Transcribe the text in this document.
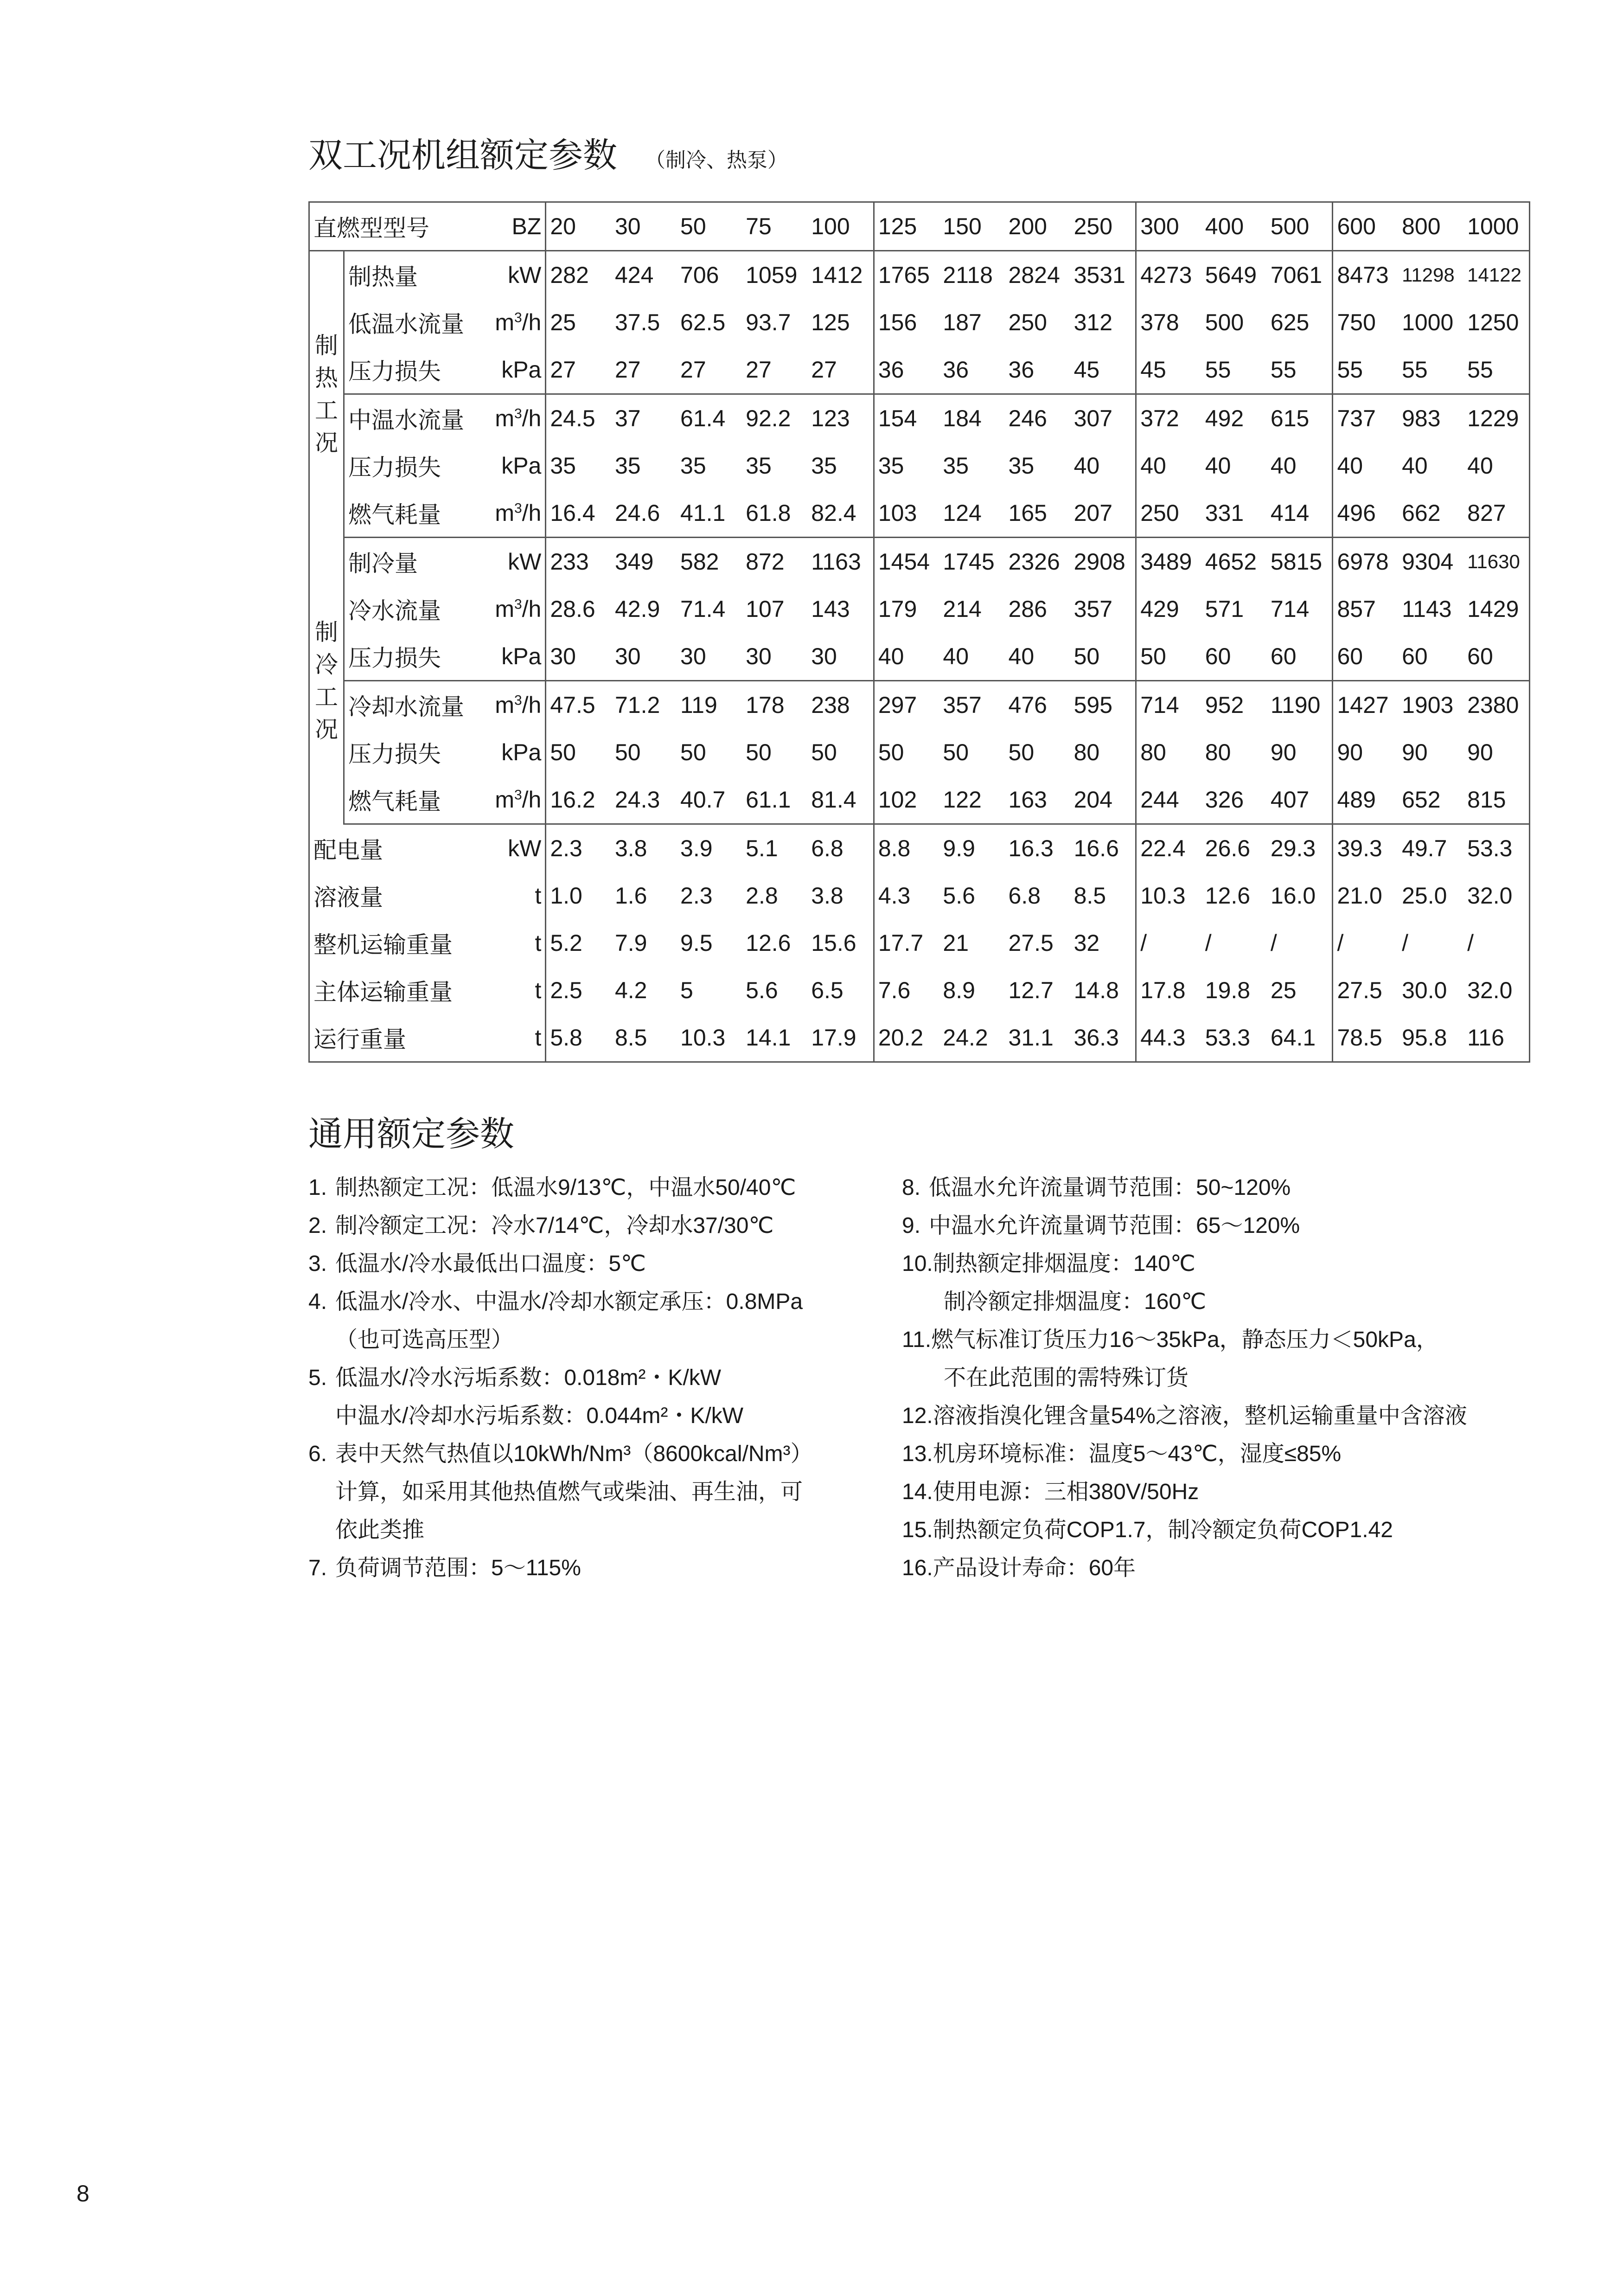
双工况机组额定参数 （制冷、热泵）
直燃型型号		BZ	20	30	50	75	100	125	150	200	250	300	400	500	600	800	1000
制热工况	制热量	kW	282	424	706	1059	1412	1765	2118	2824	3531	4273	5649	7061	8473	11298	14122
	低温水流量	$m^3/h$	25	37.5	62.5	93.7	125	156	187	250	312	378	500	625	750	1000	1250
	压力损失	kPa	27	27	27	27	27	36	36	36	45	45	55	55	55	55	55
	中温水流量	$m^3/h$	24.5	37	61.4	92.2	123	154	184	246	307	372	492	615	737	983	1229
	压力损失	kPa	35	35	35	35	35	35	35	35	40	40	40	40	40	40	40
	燃气耗量	$m^3/h$	16.4	24.6	41.1	61.8	82.4	103	124	165	207	250	331	414	496	662	827
制冷工况	制冷量	kW	233	349	582	872	1163	1454	1745	2326	2908	3489	4652	5815	6978	9304	11630
	冷水流量	$m^3/h$	28.6	42.9	71.4	107	143	179	214	286	357	429	571	714	857	1143	1429
	压力损失	kPa	30	30	30	30	30	40	40	40	50	50	60	60	60	60	60
	冷却水流量	$m^3/h$	47.5	71.2	119	178	238	297	357	476	595	714	952	1190	1427	1903	2380
	压力损失	kPa	50	50	50	50	50	50	50	50	80	80	80	90	90	90	90
	燃气耗量	$m^3/h$	16.2	24.3	40.7	61.1	81.4	102	122	163	204	244	326	407	489	652	815
配电量		kW	2.3	3.8	3.9	5.1	6.8	8.8	9.9	16.3	16.6	22.4	26.6	29.3	39.3	49.7	53.3
溶液量		t	1.0	1.6	2.3	2.8	3.8	4.3	5.6	6.8	8.5	10.3	12.6	16.0	21.0	25.0	32.0
整机运输重量		t	5.2	7.9	9.5	12.6	15.6	17.7	21	27.5	32	/	/	/	/	/	/
主体运输重量		t	2.5	4.2	5	5.6	6.5	7.6	8.9	12.7	14.8	17.8	19.8	25	27.5	30.0	32.0
运行重量		t	5.8	8.5	10.3	14.1	17.9	20.2	24.2	31.1	36.3	44.3	53.3	64.1	78.5	95.8	116
通用额定参数
1. 制热额定工况：低温水9/13℃，中温水50/40℃
2. 制冷额定工况：冷水7/14℃，冷却水37/30℃
3. 低温水/冷水最低出口温度：5℃
4. 低温水/冷水、中温水/冷却水额定承压：0.8MPa
（也可选高压型）
5. 低温水/冷水污垢系数：0.018m²・K/kW
中温水/冷却水污垢系数：0.044m²・K/kW
6. 表中天然气热值以10kWh/Nm³（8600kcal/Nm³）
计算，如采用其他热值燃气或柴油、再生油，可
依此类推
7. 负荷调节范围：5～115%
8. 低温水允许流量调节范围：50~120%
9. 中温水允许流量调节范围：65～120%
10.制热额定排烟温度：140℃
制冷额定排烟温度：160℃
11.燃气标准订货压力16～35kPa，静态压力＜50kPa，
不在此范围的需特殊订货
12.溶液指溴化锂含量54%之溶液，整机运输重量中含溶液
13.机房环境标准：温度5～43℃，湿度≤85%
14.使用电源：三相380V/50Hz
15.制热额定负荷COP1.7，制冷额定负荷COP1.42
16.产品设计寿命：60年
8
